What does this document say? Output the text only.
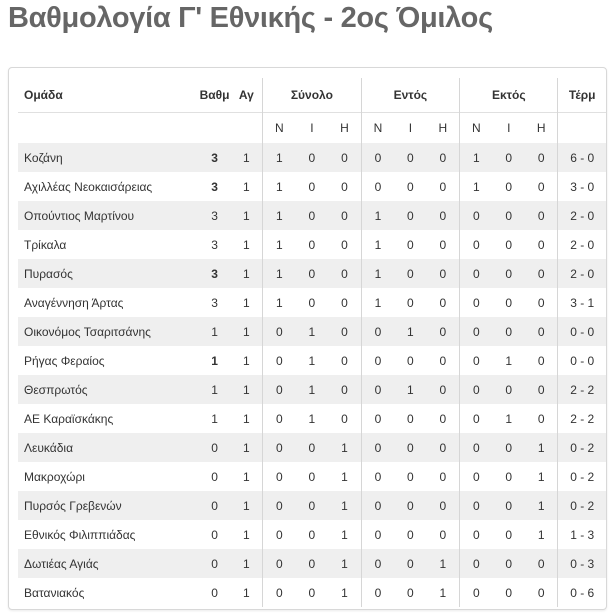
Βαθμολογία Γ' Εθνικής - 2ος Όμιλος
Ομάδα	Βαθμ	Αγ	Σύνολο			Εντός			Εκτός			Τέρμ
			Ν	Ι	Η	Ν	Ι	Η	Ν	Ι	Η	
Κοζάνη	3	1	1	0	0	0	0	0	1	0	0	6 - 0
Αχιλλέας Νεοκαισάρειας	3	1	1	0	0	0	0	0	1	0	0	3 - 0
Οπούντιος Μαρτίνου	3	1	1	0	0	1	0	0	0	0	0	2 - 0
Τρίκαλα	3	1	1	0	0	1	0	0	0	0	0	2 - 0
Πυρασός	3	1	1	0	0	1	0	0	0	0	0	2 - 0
Αναγέννηση Άρτας	3	1	1	0	0	1	0	0	0	0	0	3 - 1
Οικονόμος Τσαριτσάνης	1	1	0	1	0	0	1	0	0	0	0	0 - 0
Ρήγας Φεραίος	1	1	0	1	0	0	0	0	0	1	0	0 - 0
Θεσπρωτός	1	1	0	1	0	0	1	0	0	0	0	2 - 2
ΑΕ Καραϊσκάκης	1	1	0	1	0	0	0	0	0	1	0	2 - 2
Λευκάδια	0	1	0	0	1	0	0	0	0	0	1	0 - 2
Μακροχώρι	0	1	0	0	1	0	0	0	0	0	1	0 - 2
Πυρσός Γρεβενών	0	1	0	0	1	0	0	0	0	0	1	0 - 2
Εθνικός Φιλιππιάδας	0	1	0	0	1	0	0	0	0	0	1	1 - 3
Δωτιέας Αγιάς	0	1	0	0	1	0	0	1	0	0	0	0 - 3
Βατανιακός	0	1	0	0	1	0	0	1	0	0	0	0 - 6
